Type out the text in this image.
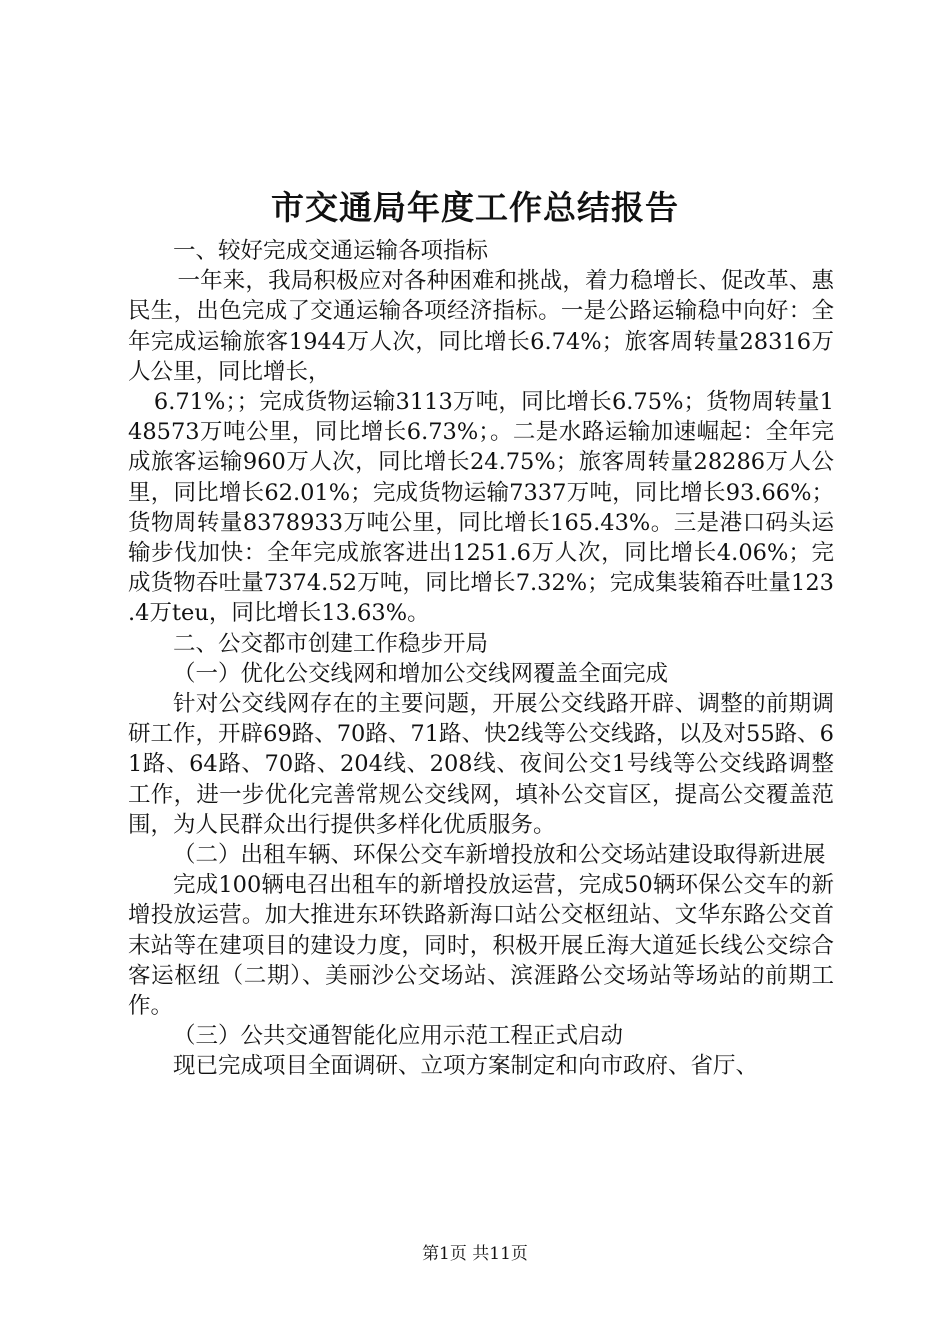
市交通局年度工作总结报告

一、较好完成交通运输各项指标

一年来，我局积极应对各种困难和挑战，着力稳增长、促改革、惠民生，出色完成了交通运输各项经济指标。一是公路运输稳中向好：全年完成运输旅客1944万人次，同比增长6.74%；旅客周转量28316万人公里，同比增长，

6.71%；；完成货物运输3113万吨，同比增长6.75%；货物周转量148573万吨公里，同比增长6.73%；。二是水路运输加速崛起：全年完成旅客运输960万人次，同比增长24.75%；旅客周转量28286万人公里，同比增长62.01%；完成货物运输7337万吨，同比增长93.66%；货物周转量8378933万吨公里，同比增长165.43%。三是港口码头运输步伐加快：全年完成旅客进出1251.6万人次，同比增长4.06%；完成货物吞吐量7374.52万吨，同比增长7.32%；完成集装箱吞吐量123.4万teu，同比增长13.63%。

二、公交都市创建工作稳步开局

（一）优化公交线网和增加公交线网覆盖全面完成

针对公交线网存在的主要问题，开展公交线路开辟、调整的前期调研工作，开辟69路、70路、71路、快2线等公交线路，以及对55路、61路、64路、70路、204线、208线、夜间公交1号线等公交线路调整工作，进一步优化完善常规公交线网，填补公交盲区，提高公交覆盖范围，为人民群众出行提供多样化优质服务。

（二）出租车辆、环保公交车新增投放和公交场站建设取得新进展

完成100辆电召出租车的新增投放运营，完成50辆环保公交车的新增投放运营。加大推进东环铁路新海口站公交枢纽站、文华东路公交首末站等在建项目的建设力度，同时，积极开展丘海大道延长线公交综合客运枢纽（二期）、美丽沙公交场站、滨涯路公交场站等场站的前期工作。

（三）公共交通智能化应用示范工程正式启动

现已完成项目全面调研、立项方案制定和向市政府、省厅、

第1页 共11页
